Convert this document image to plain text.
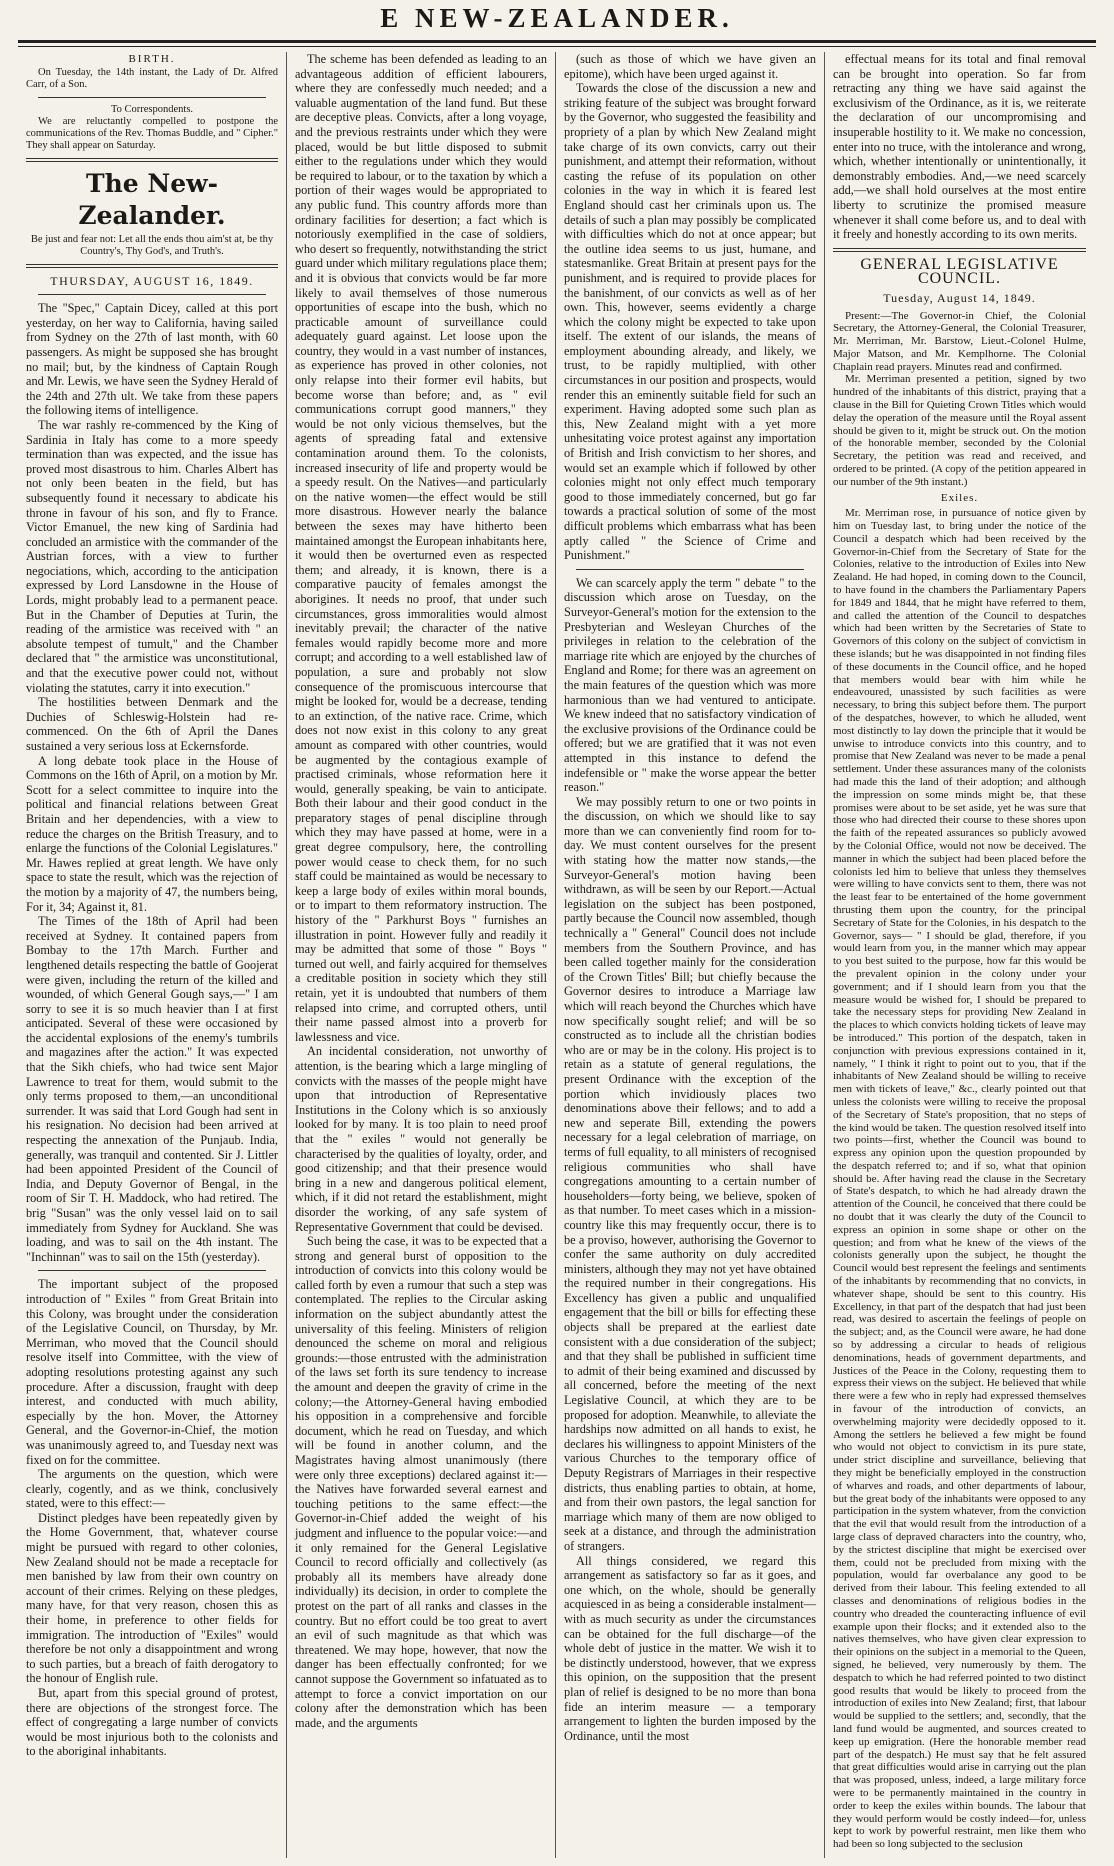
E NEW-ZEALANDER.

BIRTH.

On Tuesday, the 14th instant, the Lady of Dr. Alfred Carr, of a Son.

To Correspondents.

We are reluctantly compelled to postpone the communications of the Rev. Thomas Buddle, and " Cipher." They shall appear on Saturday.

The New-Zealander.

Be just and fear not: Let all the ends thou aim'st at, be thy Country's, Thy God's, and Truth's.

THURSDAY, AUGUST 16, 1849.

The "Spec," Captain Dicey, called at this port yesterday, on her way to California, having sailed from Sydney on the 27th of last month, with 60 passengers. As might be supposed she has brought no mail; but, by the kindness of Captain Rough and Mr. Lewis, we have seen the Sydney Herald of the 24th and 27th ult. We take from these papers the following items of intelligence.

The war rashly re-commenced by the King of Sardinia in Italy has come to a more speedy termination than was expected, and the issue has proved most disastrous to him. Charles Albert has not only been beaten in the field, but has subsequently found it necessary to abdicate his throne in favour of his son, and fly to France. Victor Emanuel, the new king of Sardinia had concluded an armistice with the commander of the Austrian forces, with a view to further negociations, which, according to the anticipation expressed by Lord Lansdowne in the House of Lords, might probably lead to a permanent peace. But in the Chamber of Deputies at Turin, the reading of the armistice was received with " an absolute tempest of tumult," and the Chamber declared that " the armistice was unconstitutional, and that the executive power could not, without violating the statutes, carry it into execution."

The hostilities between Denmark and the Duchies of Schleswig-Holstein had re-commenced. On the 6th of April the Danes sustained a very serious loss at Eckernsforde.

A long debate took place in the House of Commons on the 16th of April, on a motion by Mr. Scott for a select committee to inquire into the political and financial relations between Great Britain and her dependencies, with a view to reduce the charges on the British Treasury, and to enlarge the functions of the Colonial Legislatures." Mr. Hawes replied at great length. We have only space to state the result, which was the rejection of the motion by a majority of 47, the numbers being, For it, 34; Against it, 81.

The Times of the 18th of April had been received at Sydney. It contained papers from Bombay to the 17th March. Further and lengthened details respecting the battle of Goojerat were given, including the return of the killed and wounded, of which General Gough says,—" I am sorry to see it is so much heavier than I at first anticipated. Several of these were occasioned by the accidental explosions of the enemy's tumbrils and magazines after the action." It was expected that the Sikh chiefs, who had twice sent Major Lawrence to treat for them, would submit to the only terms proposed to them,—an unconditional surrender. It was said that Lord Gough had sent in his resignation. No decision had been arrived at respecting the annexation of the Punjaub. India, generally, was tranquil and contented. Sir J. Littler had been appointed President of the Council of India, and Deputy Governor of Bengal, in the room of Sir T. H. Maddock, who had retired. The brig "Susan" was the only vessel laid on to sail immediately from Sydney for Auckland. She was loading, and was to sail on the 4th instant. The "Inchinnan" was to sail on the 15th (yesterday).

The important subject of the proposed introduction of " Exiles " from Great Britain into this Colony, was brought under the consideration of the Legislative Council, on Thursday, by Mr. Merriman, who moved that the Council should resolve itself into Committee, with the view of adopting resolutions protesting against any such procedure. After a discussion, fraught with deep interest, and conducted with much ability, especially by the hon. Mover, the Attorney General, and the Governor-in-Chief, the motion was unanimously agreed to, and Tuesday next was fixed on for the committee.

The arguments on the question, which were clearly, cogently, and as we think, conclusively stated, were to this effect:—

Distinct pledges have been repeatedly given by the Home Government, that, whatever course might be pursued with regard to other colonies, New Zealand should not be made a receptacle for men banished by law from their own country on account of their crimes. Relying on these pledges, many have, for that very reason, chosen this as their home, in preference to other fields for immigration. The introduction of "Exiles" would therefore be not only a disappointment and wrong to such parties, but a breach of faith derogatory to the honour of English rule.

But, apart from this special ground of protest, there are objections of the strongest force. The effect of congregating a large number of convicts would be most injurious both to the colonists and to the aboriginal inhabitants.

The scheme has been defended as leading to an advantageous addition of efficient labourers, where they are confessedly much needed; and a valuable augmentation of the land fund. But these are deceptive pleas. Convicts, after a long voyage, and the previous restraints under which they were placed, would be but little disposed to submit either to the regulations under which they would be required to labour, or to the taxation by which a portion of their wages would be appropriated to any public fund. This country affords more than ordinary facilities for desertion; a fact which is notoriously exemplified in the case of soldiers, who desert so frequently, notwithstanding the strict guard under which military regulations place them; and it is obvious that convicts would be far more likely to avail themselves of those numerous opportunities of escape into the bush, which no practicable amount of surveillance could adequately guard against. Let loose upon the country, they would in a vast number of instances, as experience has proved in other colonies, not only relapse into their former evil habits, but become worse than before; and, as " evil communications corrupt good manners," they would be not only vicious themselves, but the agents of spreading fatal and extensive contamination around them. To the colonists, increased insecurity of life and property would be a speedy result. On the Natives—and particularly on the native women—the effect would be still more disastrous. However nearly the balance between the sexes may have hitherto been maintained amongst the European inhabitants here, it would then be overturned even as respected them; and already, it is known, there is a comparative paucity of females amongst the aborigines. It needs no proof, that under such circumstances, gross immoralities would almost inevitably prevail; the character of the native females would rapidly become more and more corrupt; and according to a well established law of population, a sure and probably not slow consequence of the promiscuous intercourse that might be looked for, would be a decrease, tending to an extinction, of the native race. Crime, which does not now exist in this colony to any great amount as compared with other countries, would be augmented by the contagious example of practised criminals, whose reformation here it would, generally speaking, be vain to anticipate. Both their labour and their good conduct in the preparatory stages of penal discipline through which they may have passed at home, were in a great degree compulsory, here, the controlling power would cease to check them, for no such staff could be maintained as would be necessary to keep a large body of exiles within moral bounds, or to impart to them reformatory instruction. The history of the " Parkhurst Boys " furnishes an illustration in point. However fully and readily it may be admitted that some of those " Boys " turned out well, and fairly acquired for themselves a creditable position in society which they still retain, yet it is undoubted that numbers of them relapsed into crime, and corrupted others, until their name passed almost into a proverb for lawlessness and vice.

An incidental consideration, not unworthy of attention, is the bearing which a large mingling of convicts with the masses of the people might have upon that introduction of Representative Institutions in the Colony which is so anxiously looked for by many. It is too plain to need proof that the " exiles " would not generally be characterised by the qualities of loyalty, order, and good citizenship; and that their presence would bring in a new and dangerous political element, which, if it did not retard the establishment, might disorder the working, of any safe system of Representative Government that could be devised.

Such being the case, it was to be expected that a strong and general burst of opposition to the introduction of convicts into this colony would be called forth by even a rumour that such a step was contemplated. The replies to the Circular asking information on the subject abundantly attest the universality of this feeling. Ministers of religion denounced the scheme on moral and religious grounds:—those entrusted with the administration of the laws set forth its sure tendency to increase the amount and deepen the gravity of crime in the colony;—the Attorney-General having embodied his opposition in a comprehensive and forcible document, which he read on Tuesday, and which will be found in another column, and the Magistrates having almost unanimously (there were only three exceptions) declared against it:—the Natives have forwarded several earnest and touching petitions to the same effect:—the Governor-in-Chief added the weight of his judgment and influence to the popular voice:—and it only remained for the General Legislative Council to record officially and collectively (as probably all its members have already done individually) its decision, in order to complete the protest on the part of all ranks and classes in the country. But no effort could be too great to avert an evil of such magnitude as that which was threatened. We may hope, however, that now the danger has been effectually confronted; for we cannot suppose the Government so infatuated as to attempt to force a convict importation on our colony after the demonstration which has been made, and the arguments

(such as those of which we have given an epitome), which have been urged against it.

Towards the close of the discussion a new and striking feature of the subject was brought forward by the Governor, who suggested the feasibility and propriety of a plan by which New Zealand might take charge of its own convicts, carry out their punishment, and attempt their reformation, without casting the refuse of its population on other colonies in the way in which it is feared lest England should cast her criminals upon us. The details of such a plan may possibly be complicated with difficulties which do not at once appear; but the outline idea seems to us just, humane, and statesmanlike. Great Britain at present pays for the punishment, and is required to provide places for the banishment, of our convicts as well as of her own. This, however, seems evidently a charge which the colony might be expected to take upon itself. The extent of our islands, the means of employment abounding already, and likely, we trust, to be rapidly multiplied, with other circumstances in our position and prospects, would render this an eminently suitable field for such an experiment. Having adopted some such plan as this, New Zealand might with a yet more unhesitating voice protest against any importation of British and Irish convictism to her shores, and would set an example which if followed by other colonies might not only effect much temporary good to those immediately concerned, but go far towards a practical solution of some of the most difficult problems which embarrass what has been aptly called " the Science of Crime and Punishment."

We can scarcely apply the term " debate " to the discussion which arose on Tuesday, on the Surveyor-General's motion for the extension to the Presbyterian and Wesleyan Churches of the privileges in relation to the celebration of the marriage rite which are enjoyed by the churches of England and Rome; for there was an agreement on the main features of the question which was more harmonious than we had ventured to anticipate. We knew indeed that no satisfactory vindication of the exclusive provisions of the Ordinance could be offered; but we are gratified that it was not even attempted in this instance to defend the indefensible or " make the worse appear the better reason."

We may possibly return to one or two points in the discussion, on which we should like to say more than we can conveniently find room for to-day. We must content ourselves for the present with stating how the matter now stands,—the Surveyor-General's motion having been withdrawn, as will be seen by our Report.—Actual legislation on the subject has been postponed, partly because the Council now assembled, though technically a " General" Council does not include members from the Southern Province, and has been called together mainly for the consideration of the Crown Titles' Bill; but chiefly because the Governor desires to introduce a Marriage law which will reach beyond the Churches which have now specifically sought relief; and will be so constructed as to include all the christian bodies who are or may be in the colony. His project is to retain as a statute of general regulations, the present Ordinance with the exception of the portion which invidiously places two denominations above their fellows; and to add a new and seperate Bill, extending the powers necessary for a legal celebration of marriage, on terms of full equality, to all ministers of recognised religious communities who shall have congregations amounting to a certain number of householders—forty being, we believe, spoken of as that number. To meet cases which in a mission-country like this may frequently occur, there is to be a proviso, however, authorising the Governor to confer the same authority on duly accredited ministers, although they may not yet have obtained the required number in their congregations. His Excellency has given a public and unqualified engagement that the bill or bills for effecting these objects shall be prepared at the earliest date consistent with a due consideration of the subject; and that they shall be published in sufficient time to admit of their being examined and discussed by all concerned, before the meeting of the next Legislative Council, at which they are to be proposed for adoption. Meanwhile, to alleviate the hardships now admitted on all hands to exist, he declares his willingness to appoint Ministers of the various Churches to the temporary office of Deputy Registrars of Marriages in their respective districts, thus enabling parties to obtain, at home, and from their own pastors, the legal sanction for marriage which many of them are now obliged to seek at a distance, and through the administration of strangers.

All things considered, we regard this arrangement as satisfactory so far as it goes, and one which, on the whole, should be generally acquiesced in as being a considerable instalment—with as much security as under the circumstances can be obtained for the full discharge—of the whole debt of justice in the matter. We wish it to be distinctly understood, however, that we express this opinion, on the supposition that the present plan of relief is designed to be no more than bona fide an interim measure — a temporary arrangement to lighten the burden imposed by the Ordinance, until the most

effectual means for its total and final removal can be brought into operation. So far from retracting any thing we have said against the exclusivism of the Ordinance, as it is, we reiterate the declaration of our uncompromising and insuperable hostility to it. We make no concession, enter into no truce, with the intolerance and wrong, which, whether intentionally or unintentionally, it demonstrably embodies. And,—we need scarcely add,—we shall hold ourselves at the most entire liberty to scrutinize the promised measure whenever it shall come before us, and to deal with it freely and honestly according to its own merits.

GENERAL LEGISLATIVE COUNCIL.
Tuesday, August 14, 1849.

Present:—The Governor-in Chief, the Colonial Secretary, the Attorney-General, the Colonial Treasurer, Mr. Merriman, Mr. Barstow, Lieut.-Colonel Hulme, Major Matson, and Mr. Kemplhorne. The Colonial Chaplain read prayers. Minutes read and confirmed.

Mr. Merriman presented a petition, signed by two hundred of the inhabitants of this district, praying that a clause in the Bill for Quieting Crown Titles which would delay the operation of the measure until the Royal assent should be given to it, might be struck out. On the motion of the honorable member, seconded by the Colonial Secretary, the petition was read and received, and ordered to be printed. (A copy of the petition appeared in our number of the 9th instant.)

Exiles.

Mr. Merriman rose, in pursuance of notice given by him on Tuesday last, to bring under the notice of the Council a despatch which had been received by the Governor-in-Chief from the Secretary of State for the Colonies, relative to the introduction of Exiles into New Zealand. He had hoped, in coming down to the Council, to have found in the chambers the Parliamentary Papers for 1849 and 1844, that he might have referred to them, and called the attention of the Council to despatches which had been written by the Secretaries of State to Governors of this colony on the subject of convictism in these islands; but he was disappointed in not finding files of these documents in the Council office, and he hoped that members would bear with him while he endeavoured, unassisted by such facilities as were necessary, to bring this subject before them. The purport of the despatches, however, to which he alluded, went most distinctly to lay down the principle that it would be unwise to introduce convicts into this country, and to promise that New Zealand was never to be made a penal settlement. Under these assurances many of the colonists had made this the land of their adoption; and although the impression on some minds might be, that these promises were about to be set aside, yet he was sure that those who had directed their course to these shores upon the faith of the repeated assurances so publicly avowed by the Colonial Office, would not now be deceived. The manner in which the subject had been placed before the colonists led him to believe that unless they themselves were willing to have convicts sent to them, there was not the least fear to be entertained of the home government thrusting them upon the country, for the principal Secretary of State for the Colonies, in his despatch to the Governor, says— " I should be glad, therefore, if you would learn from you, in the manner which may appear to you best suited to the purpose, how far this would be the prevalent opinion in the colony under your government; and if I should learn from you that the measure would be wished for, I should be prepared to take the necessary steps for providing New Zealand in the places to which convicts holding tickets of leave may be introduced." This portion of the despatch, taken in conjunction with previous expressions contained in it, namely, " I think it right to point out to you, that if the inhabitants of New Zealand should be willing to receive men with tickets of leave," &c., clearly pointed out that unless the colonists were willing to receive the proposal of the Secretary of State's proposition, that no steps of the kind would be taken. The question resolved itself into two points—first, whether the Council was bound to express any opinion upon the question propounded by the despatch referred to; and if so, what that opinion should be. After having read the clause in the Secretary of State's despatch, to which he had already drawn the attention of the Council, he conceived that there could be no doubt that it was clearly the duty of the Council to express an opinion in some shape or other on the question; and from what he knew of the views of the colonists generally upon the subject, he thought the Council would best represent the feelings and sentiments of the inhabitants by recommending that no convicts, in whatever shape, should be sent to this country. His Excellency, in that part of the despatch that had just been read, was desired to ascertain the feelings of people on the subject; and, as the Council were aware, he had done so by addressing a circular to heads of religious denominations, heads of government departments, and Justices of the Peace in the Colony, requesting them to express their views on the subject. He believed that while there were a few who in reply had expressed themselves in favour of the introduction of convicts, an overwhelming majority were decidedly opposed to it. Among the settlers he believed a few might be found who would not object to convictism in its pure state, under strict discipline and surveillance, believing that they might be beneficially employed in the construction of wharves and roads, and other departments of labour, but the great body of the inhabitants were opposed to any participation in the system whatever, from the conviction that the evil that would result from the introduction of a large class of depraved characters into the country, who, by the strictest discipline that might be exercised over them, could not be precluded from mixing with the population, would far overbalance any good to be derived from their labour. This feeling extended to all classes and denominations of religious bodies in the country who dreaded the counteracting influence of evil example upon their flocks; and it extended also to the natives themselves, who have given clear expression to their opinions on the subject in a memorial to the Queen, signed, he believed, very numerously by them. The despatch to which he had referred pointed to two distinct good results that would be likely to proceed from the introduction of exiles into New Zealand; first, that labour would be supplied to the settlers; and, secondly, that the land fund would be augmented, and sources created to keep up emigration. (Here the honorable member read part of the despatch.) He must say that he felt assured that great difficulties would arise in carrying out the plan that was proposed, unless, indeed, a large military force were to be permanently maintained in the country in order to keep the exiles within bounds. The labour that they would perform would be costly indeed—for, unless kept to work by powerful restraint, men like them who had been so long subjected to the seclusion
